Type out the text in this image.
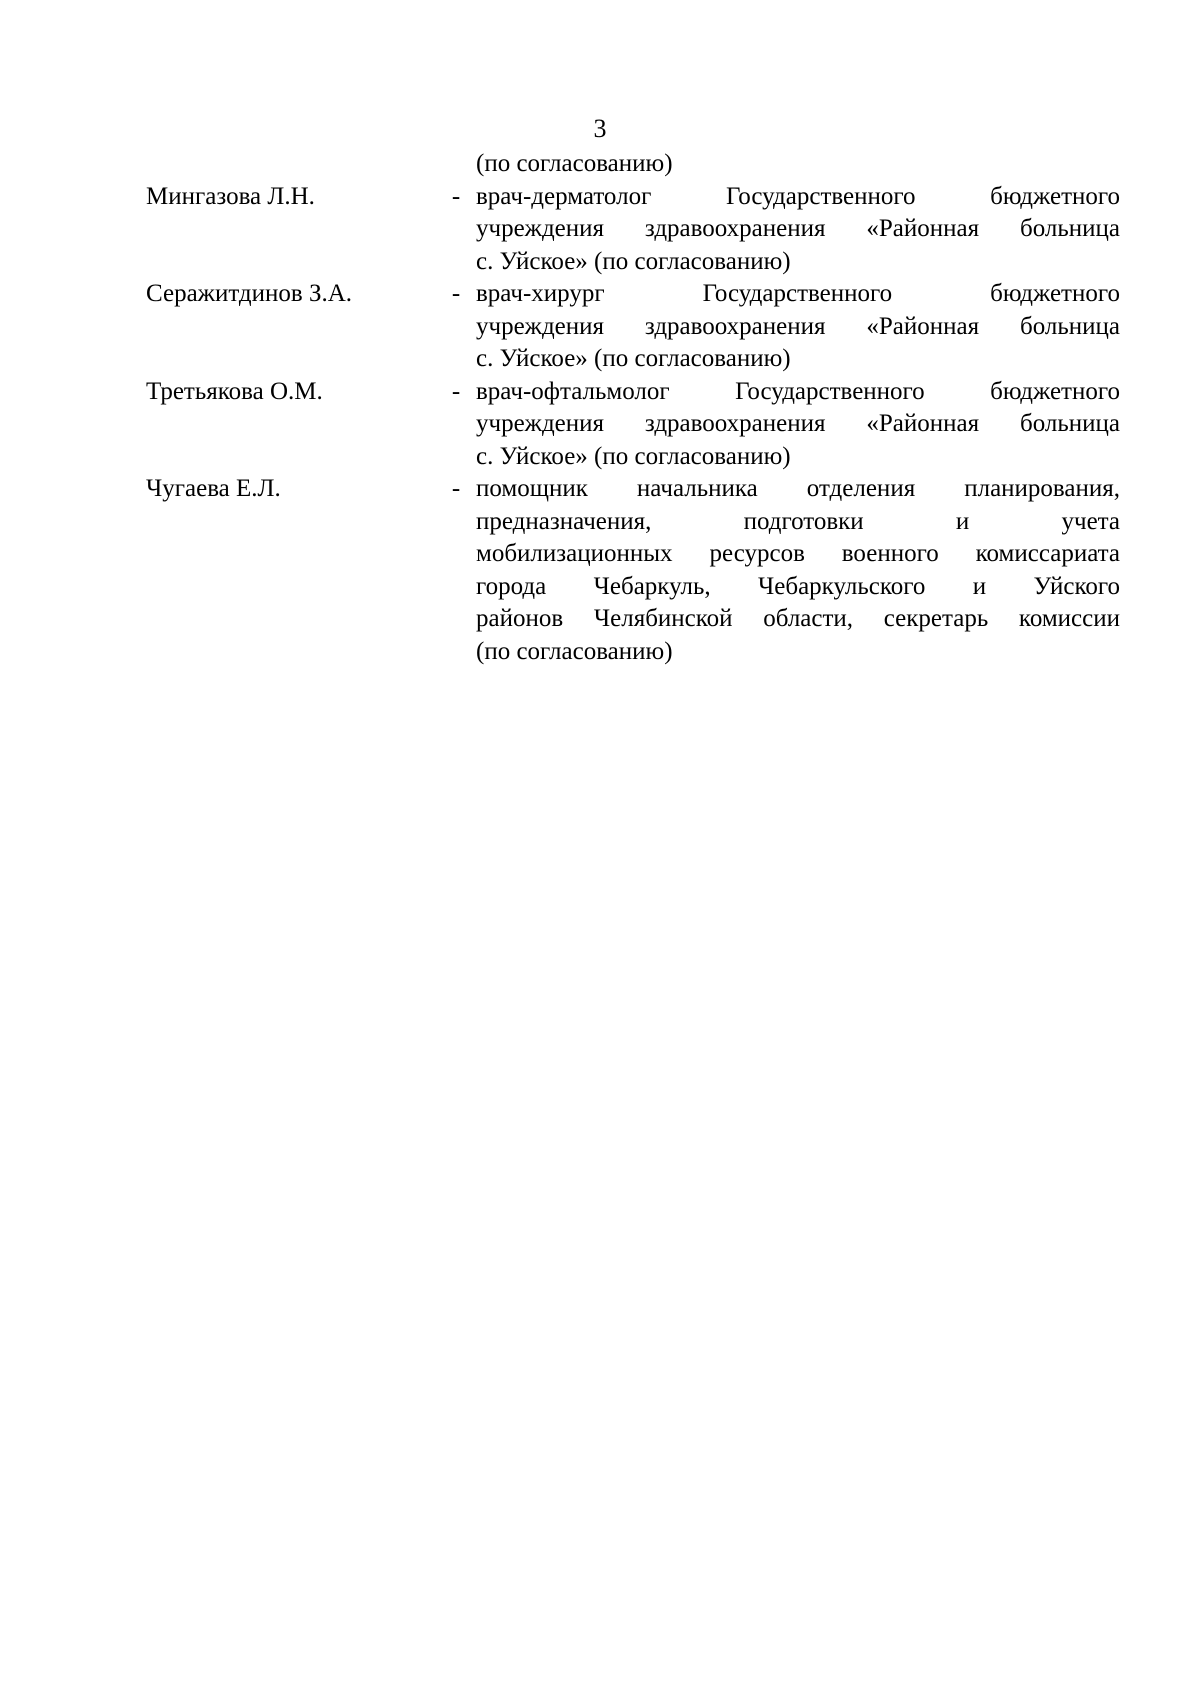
3
(по согласованию)
Мингазова Л.Н.	- врач-дерматолог Государственного бюджетного
учреждения здравоохранения «Районная больница
с. Уйское» (по согласованию)
Серажитдинов З.А.	- врач-хирург Государственного бюджетного
учреждения здравоохранения «Районная больница
с. Уйское» (по согласованию)
Третьякова О.М.	- врач-офтальмолог Государственного бюджетного
учреждения здравоохранения «Районная больница
с. Уйское» (по согласованию)
Чугаева Е.Л.	- помощник начальника отделения планирования,
предназначения, подготовки и учета
мобилизационных ресурсов военного комиссариата
города Чебаркуль, Чебаркульского и Уйского
районов Челябинской области, секретарь комиссии
(по согласованию)
